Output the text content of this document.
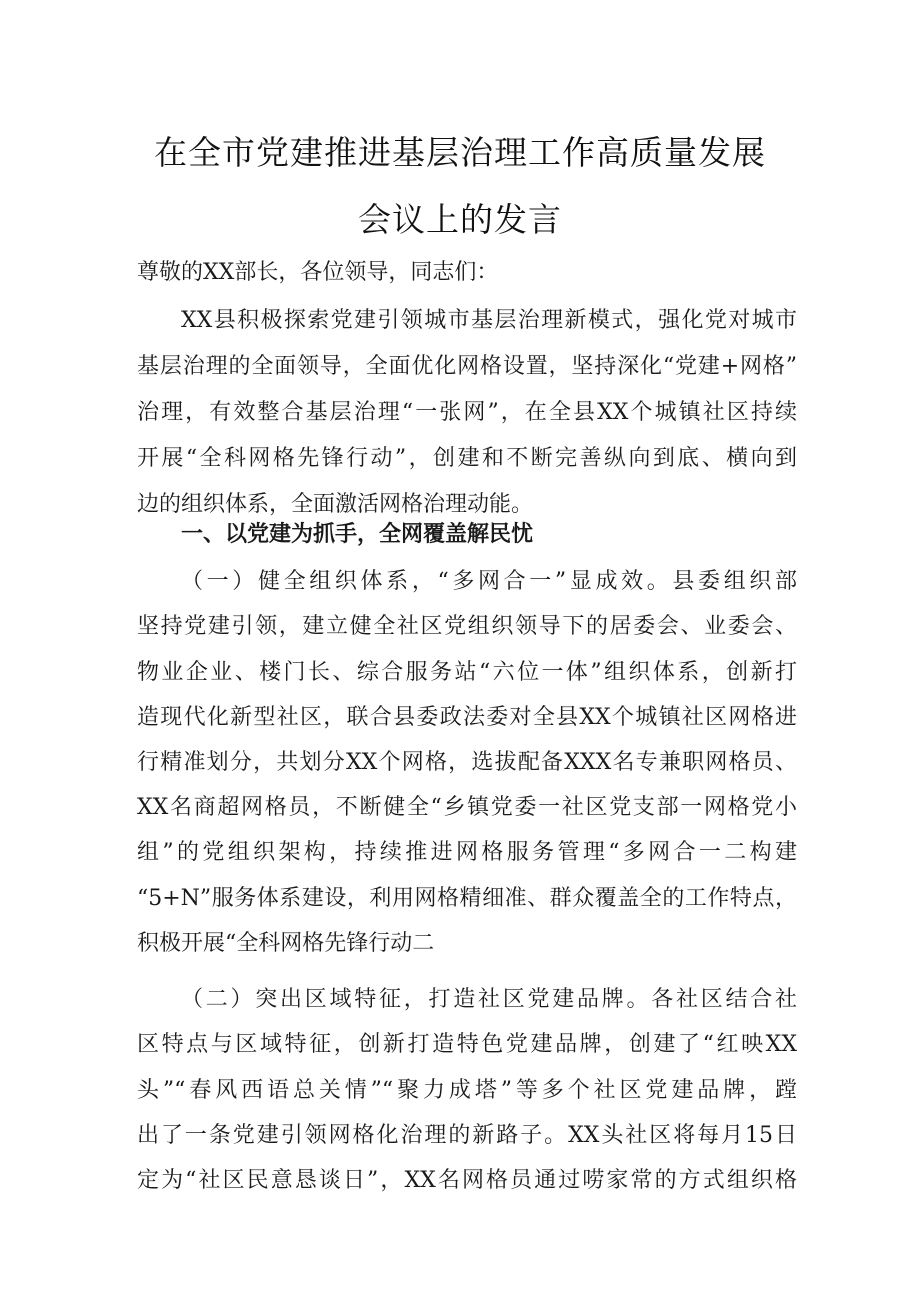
在全市党建推进基层治理工作高质量发展
会议上的发言
尊敬的XX部长，各位领导，同志们：
XX县积极探索党建引领城市基层治理新模式，强化党对城市
基层治理的全面领导，全面优化网格设置，坚持深化“党建+网格”
治理，有效整合基层治理“一张网”，在全县XX个城镇社区持续
开展“全科网格先锋行动”，创建和不断完善纵向到底、横向到
边的组织体系，全面激活网格治理动能。
一、以党建为抓手，全网覆盖解民忧
（一）健全组织体系，“多网合一”显成效。县委组织部
坚持党建引领，建立健全社区党组织领导下的居委会、业委会、
物业企业、楼门长、综合服务站“六位一体”组织体系，创新打
造现代化新型社区，联合县委政法委对全县XX个城镇社区网格进
行精准划分，共划分XX个网格，选拔配备XXX名专兼职网格员、
XX名商超网格员，不断健全“乡镇党委一社区党支部一网格党小
组”的党组织架构，持续推进网格服务管理“多网合一二构建
“5+N”服务体系建设，利用网格精细准、群众覆盖全的工作特点，
积极开展“全科网格先锋行动二
（二）突出区域特征，打造社区党建品牌。各社区结合社
区特点与区域特征，创新打造特色党建品牌，创建了“红映XX
头”“春风西语总关情”“聚力成塔”等多个社区党建品牌，蹚
出了一条党建引领网格化治理的新路子。XX头社区将每月15日
定为“社区民意恳谈日”，XX名网格员通过唠家常的方式组织格
